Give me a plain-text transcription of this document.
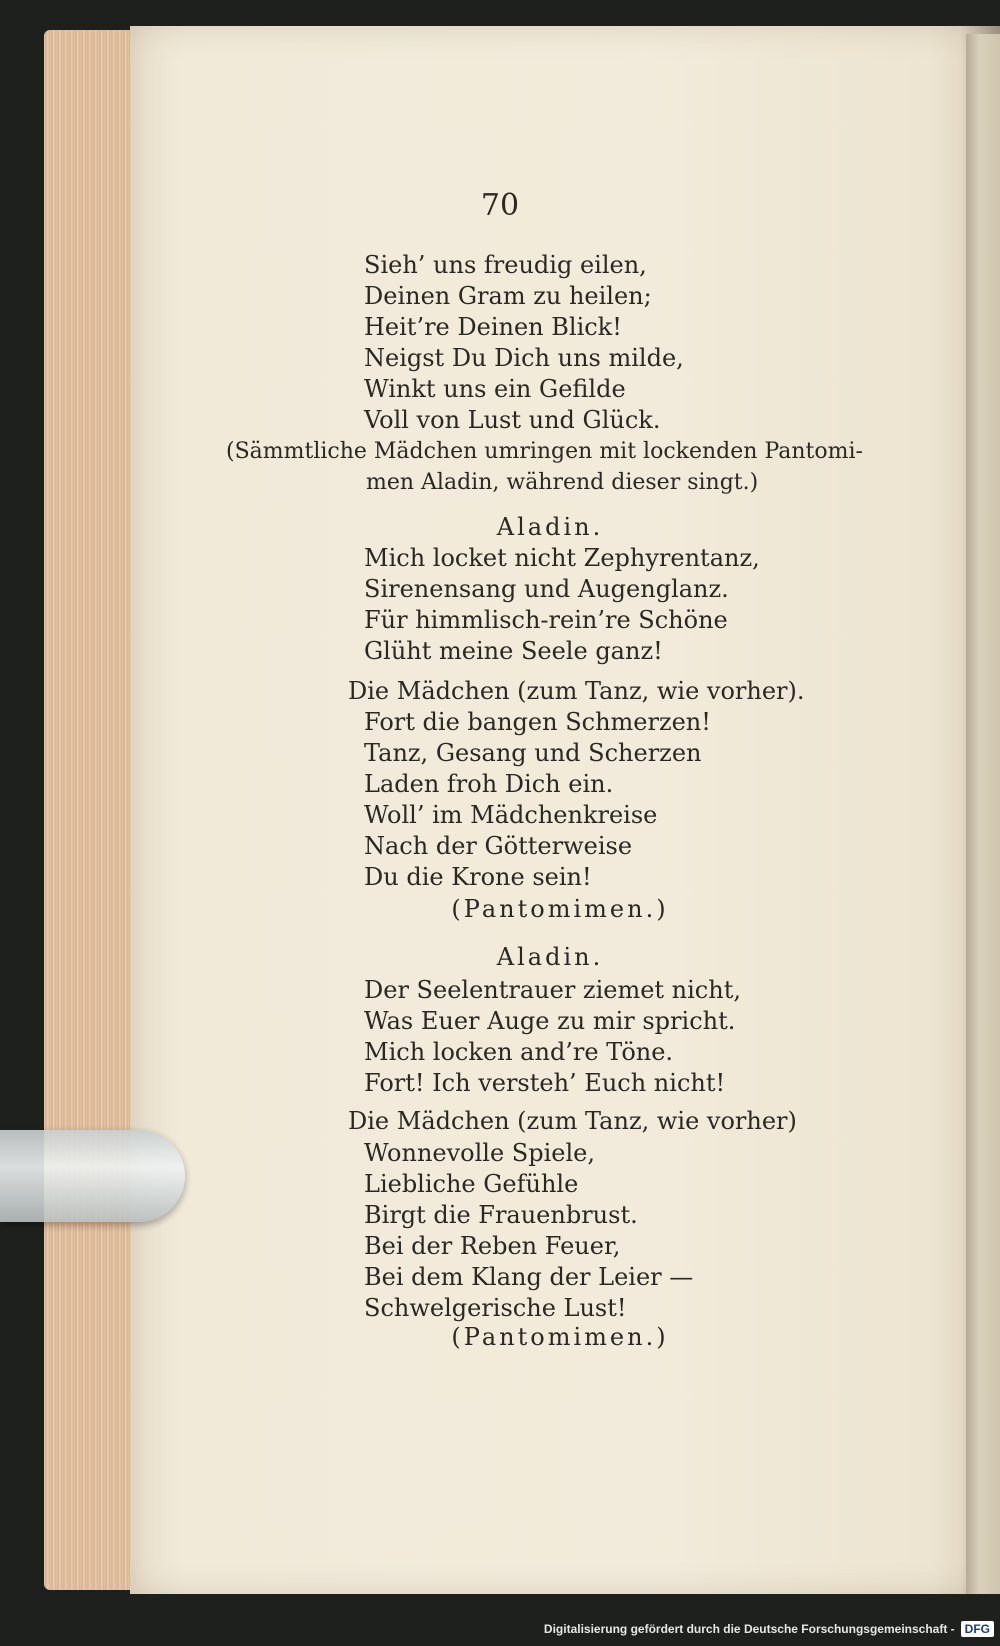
70
Sieh’ uns freudig eilen,
Deinen Gram zu heilen;
Heit’re Deinen Blick!
Neigst Du Dich uns milde,
Winkt uns ein Gefilde
Voll von Lust und Glück.
(Sämmtliche Mädchen umringen mit lockenden Pantomi-
men Aladin, während dieser singt.)
Aladin.
Mich locket nicht Zephyrentanz,
Sirenensang und Augenglanz.
Für himmlisch-rein’re Schöne
Glüht meine Seele ganz!
Die Mädchen (zum Tanz, wie vorher).
Fort die bangen Schmerzen!
Tanz, Gesang und Scherzen
Laden froh Dich ein.
Woll’ im Mädchenkreise
Nach der Götterweise
Du die Krone sein!
(Pantomimen.)
Aladin.
Der Seelentrauer ziemet nicht,
Was Euer Auge zu mir spricht.
Mich locken and’re Töne.
Fort! Ich versteh’ Euch nicht!
Die Mädchen (zum Tanz, wie vorher)
Wonnevolle Spiele,
Liebliche Gefühle
Birgt die Frauenbrust.
Bei der Reben Feuer,
Bei dem Klang der Leier —
Schwelgerische Lust!
(Pantomimen.)
Digitalisierung gefördert durch die Deutsche Forschungsgemeinschaft - DFG
